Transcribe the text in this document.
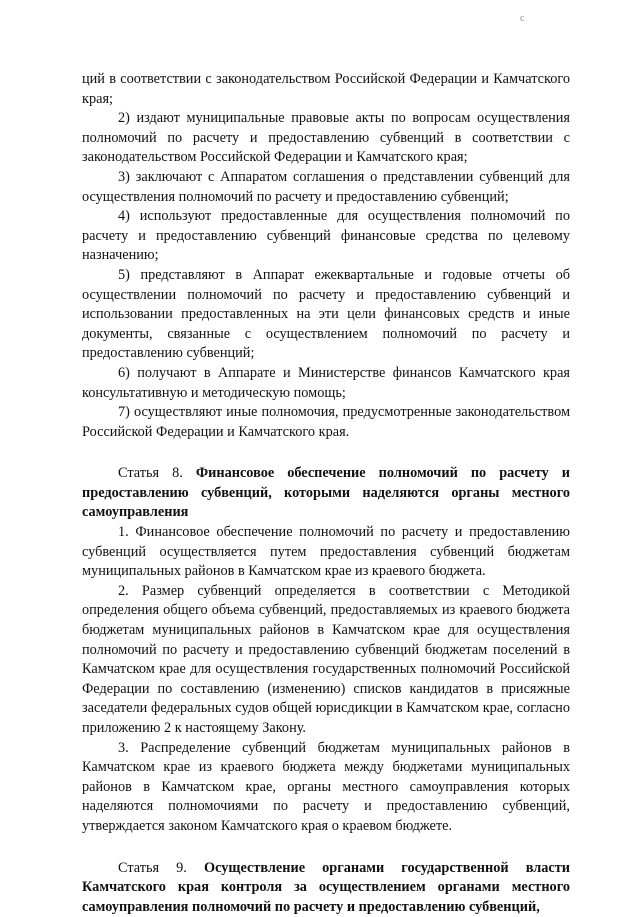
с

ций в соответствии с законодательством Российской Федерации и Камчатского края;

2) издают муниципальные правовые акты по вопросам осуществления полномочий по расчету и предоставлению субвенций в соответствии с законодательством Российской Федерации и Камчатского края;

3) заключают с Аппаратом соглашения о представлении субвенций для осуществления полномочий по расчету и предоставлению субвенций;

4) используют предоставленные для осуществления полномочий по расчету и предоставлению субвенций финансовые средства по целевому назначению;

5) представляют в Аппарат ежеквартальные и годовые отчеты об осуществлении полномочий по расчету и предоставлению субвенций и использовании предоставленных на эти цели финансовых средств и иные документы, связанные с осуществлением полномочий по расчету и предоставлению субвенций;

6) получают в Аппарате и Министерстве финансов Камчатского края консультативную и методическую помощь;

7) осуществляют иные полномочия, предусмотренные законодательством Российской Федерации и Камчатского края.

Статья 8. Финансовое обеспечение полномочий по расчету и предоставлению субвенций, которыми наделяются органы местного самоуправления

1. Финансовое обеспечение полномочий по расчету и предоставлению субвенций осуществляется путем предоставления субвенций бюджетам муниципальных районов в Камчатском крае из краевого бюджета.

2. Размер субвенций определяется в соответствии с Методикой определения общего объема субвенций, предоставляемых из краевого бюджета бюджетам муниципальных районов в Камчатском крае для осуществления полномочий по расчету и предоставлению субвенций бюджетам поселений в Камчатском крае для осуществления государственных полномочий Российской Федерации по составлению (изменению) списков кандидатов в присяжные заседатели федеральных судов общей юрисдикции в Камчатском крае, согласно приложению 2 к настоящему Закону.

3. Распределение субвенций бюджетам муниципальных районов в Камчатском крае из краевого бюджета между бюджетами муниципальных районов в Камчатском крае, органы местного самоуправления которых наделяются полномочиями по расчету и предоставлению субвенций, утверждается законом Камчатского края о краевом бюджете.

Статья 9. Осуществление органами государственной власти Камчатского края контроля за осуществлением органами местного самоуправления полномочий по расчету и предоставлению субвенций,
